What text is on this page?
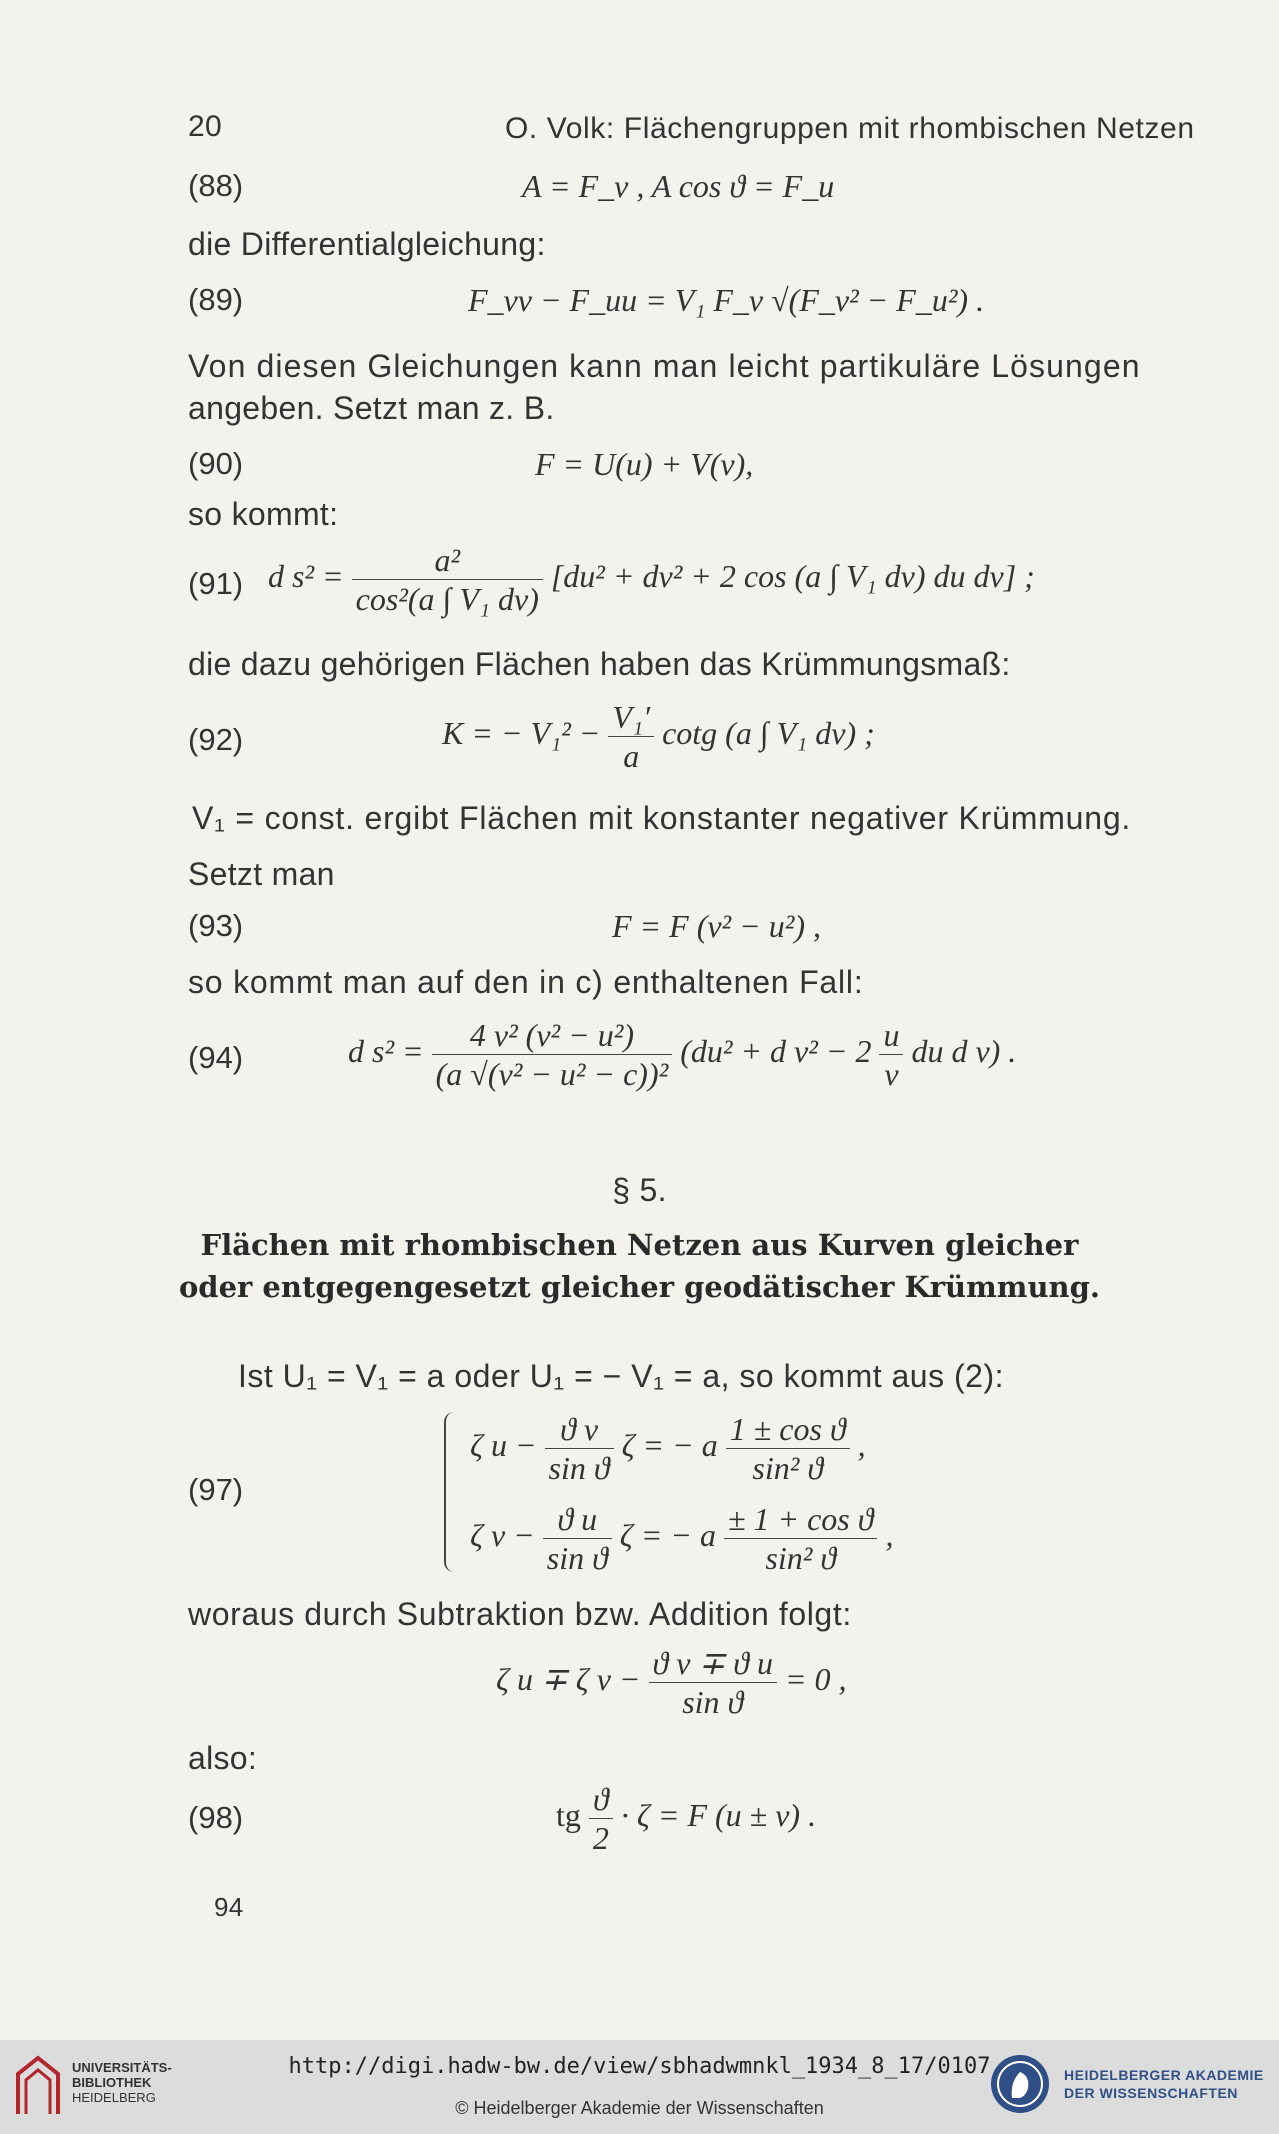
20	O. Volk: Flächengruppen mit rhombischen Netzen
(88)	A = F_v , A cos ϑ = F_u
die Differentialgleichung:
(89)	F_vv − F_uu = V₁ F_v √(F_v² − F_u²) .
Von diesen Gleichungen kann man leicht partikuläre Lösungen
angeben. Setzt man z. B.
(90)	F = U(u) + V(v),
so kommt:
(91) d $s^2 = \frac{\text{a²}}{\text{cos²(a ∫ V₁ dv)}} [du^2 + dv^2 + 2$ cos (a ∫ V₁ dv) du dv] ;
die dazu gehörigen Flächen haben das Krümmungsmaß:
(92)	K = − $V_1^2 - \frac{\text{V₁′}}{a}$ cotg (a ∫ V₁ dv) ;
V₁ = const. ergibt Flächen mit konstanter negativer Krümmung.
Setzt man
(93)	F = F (v² − u²) ,
so kommt man auf den in c) enthaltenen Fall:
(94)	d $s^2 = \frac{\text{4 v² (v² − u²)}}{\text{(a √(v² − u² − c))²}} (du^2 + d$ $v^2 - 2 \frac{u}{v}$ du d v) .
§ 5.
Flächen mit rhombischen Netzen aus Kurven gleicher
oder entgegengesetzt gleicher geodätischer Krümmung.
Ist U₁ = V₁ = a oder U₁ = − V₁ = a, so kommt aus (2):
(97)
ζ $u - \frac{\text{ϑ v}}{\text{sin ϑ}}$ ζ = − a $\frac{\text{1 ± cos ϑ}}{\text{sin² ϑ}}$ ,
ζ $v - \frac{\text{ϑ u}}{\text{sin ϑ}}$ ζ = − a $\frac{\text{± 1 + cos ϑ}}{\text{sin² ϑ}}$ ,
woraus durch Subtraktion bzw. Addition folgt:
ζ u ∓ ζ $v - \frac{\text{ϑ v ∓ ϑ u}}{\text{sin ϑ}} = 0$ ,
also:
(98)	tg $\frac{ϑ}{2} \cdot \zeta = F$ (u ± v) .
94
UNIVERSITÄTS-
BIBLIOTHEK
HEIDELBERG
http://digi.hadw-bw.de/view/sbhadwmnkl_1934_8_17/0107
© Heidelberger Akademie der Wissenschaften
HEIDELBERGER AKADEMIE
DER WISSENSCHAFTEN
